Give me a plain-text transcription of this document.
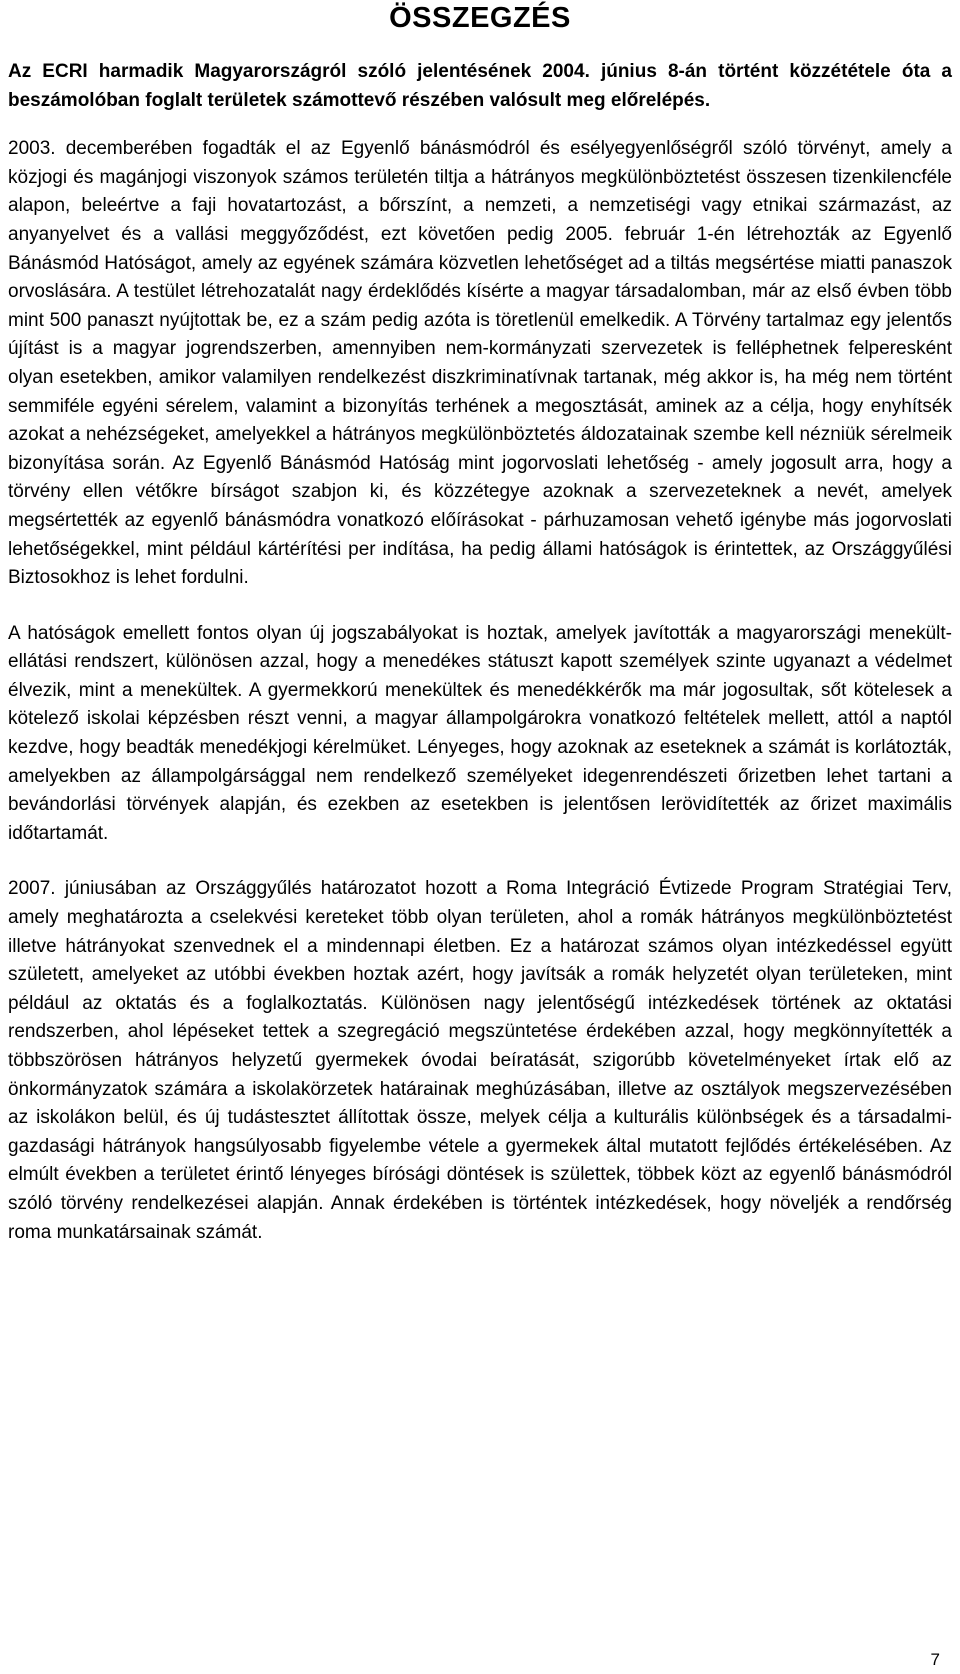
ÖSSZEGZÉS

Az ECRI harmadik Magyarországról szóló jelentésének 2004. június 8-án történt közzététele óta a beszámolóban foglalt területek számottevő részében valósult meg előrelépés.

2003. decemberében fogadták el az Egyenlő bánásmódról és esélyegyenlőségről szóló törvényt, amely a közjogi és magánjogi viszonyok számos területén tiltja a hátrányos megkülönböztetést összesen tizenkilencféle alapon, beleértve a faji hovatartozást, a bőrszínt, a nemzeti, a nemzetiségi vagy etnikai származást, az anyanyelvet és a vallási meggyőződést, ezt követően pedig 2005. február 1-én létrehozták az Egyenlő Bánásmód Hatóságot, amely az egyének számára közvetlen lehetőséget ad a tiltás megsértése miatti panaszok orvoslására. A testület létrehozatalát nagy érdeklődés kísérte a magyar társadalomban, már az első évben több mint 500 panaszt nyújtottak be, ez a szám pedig azóta is töretlenül emelkedik. A Törvény tartalmaz egy jelentős újítást is a magyar jogrendszerben, amennyiben nem-kormányzati szervezetek is felléphetnek felperesként olyan esetekben, amikor valamilyen rendelkezést diszkriminatívnak tartanak, még akkor is, ha még nem történt semmiféle egyéni sérelem, valamint a bizonyítás terhének a megosztását, aminek az a célja, hogy enyhítsék azokat a nehézségeket, amelyekkel a hátrányos megkülönböztetés áldozatainak szembe kell nézniük sérelmeik bizonyítása során. Az Egyenlő Bánásmód Hatóság mint jogorvoslati lehetőség - amely jogosult arra, hogy a törvény ellen vétőkre bírságot szabjon ki, és közzétegye azoknak a szervezeteknek a nevét, amelyek megsértették az egyenlő bánásmódra vonatkozó előírásokat - párhuzamosan vehető igénybe más jogorvoslati lehetőségekkel, mint például kártérítési per indítása, ha pedig állami hatóságok is érintettek, az Országgyűlési Biztosokhoz is lehet fordulni.

A hatóságok emellett fontos olyan új jogszabályokat is hoztak, amelyek javították a magyarországi menekült-ellátási rendszert, különösen azzal, hogy a menedékes státuszt kapott személyek szinte ugyanazt a védelmet élvezik, mint a menekültek. A gyermekkorú menekültek és menedékkérők ma már jogosultak, sőt kötelesek a kötelező iskolai képzésben részt venni, a magyar állampolgárokra vonatkozó feltételek mellett, attól a naptól kezdve, hogy beadták menedékjogi kérelmüket. Lényeges, hogy azoknak az eseteknek a számát is korlátozták, amelyekben az állampolgársággal nem rendelkező személyeket idegenrendészeti őrizetben lehet tartani a bevándorlási törvények alapján, és ezekben az esetekben is jelentősen lerövidítették az őrizet maximális időtartamát.

2007. júniusában az Országgyűlés határozatot hozott a Roma Integráció Évtizede Program Stratégiai Terv, amely meghatározta a cselekvési kereteket több olyan területen, ahol a romák hátrányos megkülönböztetést illetve hátrányokat szenvednek el a mindennapi életben. Ez a határozat számos olyan intézkedéssel együtt született, amelyeket az utóbbi években hoztak azért, hogy javítsák a romák helyzetét olyan területeken, mint például az oktatás és a foglalkoztatás. Különösen nagy jelentőségű intézkedések történek az oktatási rendszerben, ahol lépéseket tettek a szegregáció megszüntetése érdekében azzal, hogy megkönnyítették a többszörösen hátrányos helyzetű gyermekek óvodai beíratását, szigorúbb követelményeket írtak elő az önkormányzatok számára a iskolakörzetek határainak meghúzásában, illetve az osztályok megszervezésében az iskolákon belül, és új tudástesztet állítottak össze, melyek célja a kulturális különbségek és a társadalmi-gazdasági hátrányok hangsúlyosabb figyelembe vétele a gyermekek által mutatott fejlődés értékelésében. Az elmúlt években a területet érintő lényeges bírósági döntések is születtek, többek közt az egyenlő bánásmódról szóló törvény rendelkezései alapján. Annak érdekében is történtek intézkedések, hogy növeljék a rendőrség roma munkatársainak számát.

7
